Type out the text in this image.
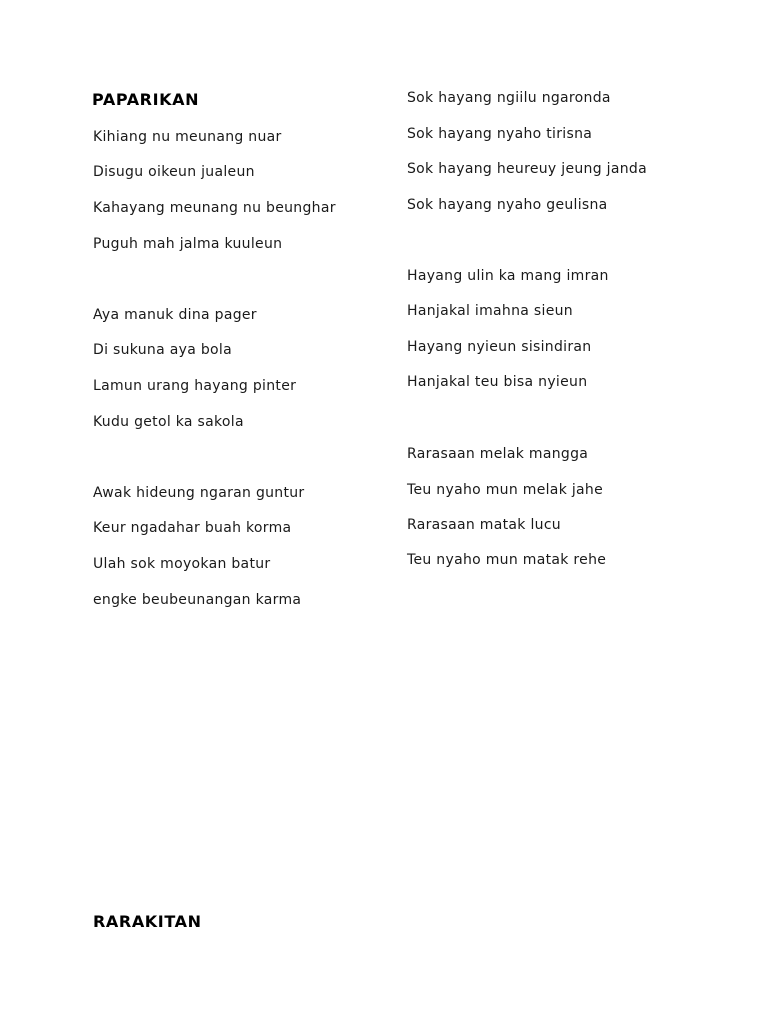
PAPARIKAN
Kihiang nu meunang nuar
Disugu oikeun jualeun
Kahayang meunang nu beunghar
Puguh mah jalma kuuleun
Aya manuk dina pager
Di sukuna aya bola
Lamun urang hayang pinter
Kudu getol ka sakola
Awak hideung ngaran guntur
Keur ngadahar buah korma
Ulah sok moyokan batur
engke beubeunangan karma
Sok hayang ngiilu ngaronda
Sok hayang nyaho tirisna
Sok hayang heureuy jeung janda
Sok hayang nyaho geulisna
Hayang ulin ka mang imran
Hanjakal imahna sieun
Hayang nyieun sisindiran
Hanjakal teu bisa nyieun
Rarasaan melak mangga
Teu nyaho mun melak jahe
Rarasaan matak lucu
Teu nyaho mun matak rehe
RARAKITAN
